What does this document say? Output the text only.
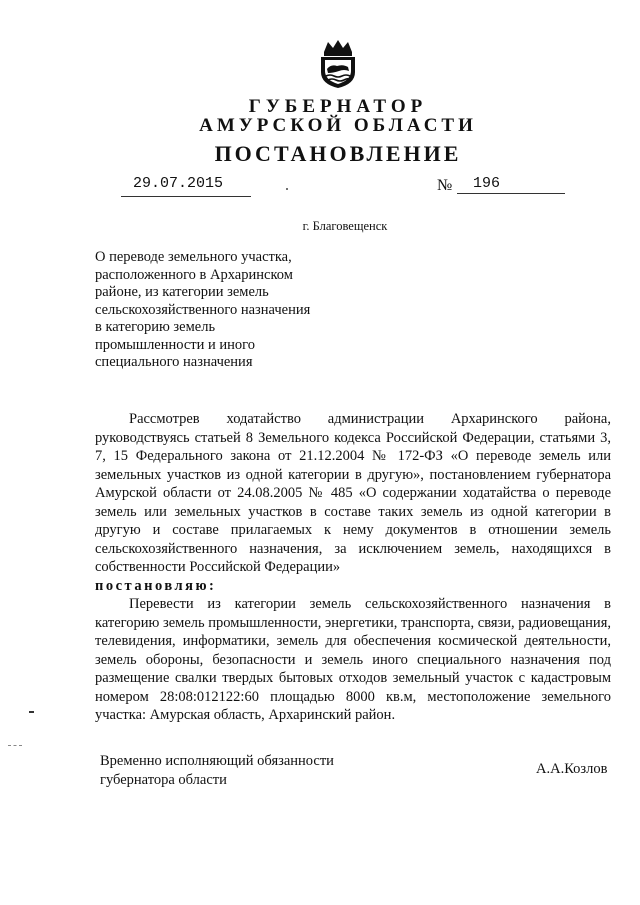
ГУБЕРНАТОР
АМУРСКОЙ ОБЛАСТИ
ПОСТАНОВЛЕНИЕ
29.07.2015	№ 196
г. Благовещенск
О переводе земельного участка, расположенного в Архаринском районе, из категории земель сельскохозяйственного назначения в категорию земель промышленности и иного специального назначения

Рассмотрев ходатайство администрации Архаринского района, руководствуясь статьей 8 Земельного кодекса Российской Федерации, статьями 3, 7, 15 Федерального закона от 21.12.2004 № 172-ФЗ «О переводе земель или земельных участков из одной категории в другую», постановлением губернатора Амурской области от 24.08.2005 № 485 «О содержании ходатайства о переводе земель или земельных участков в составе таких земель из одной категории в другую и составе прилагаемых к нему документов в отношении земель сельскохозяйственного назначения, за исключением земель, находящихся в собственности Российской Федерации»

постановляю:

Перевести из категории земель сельскохозяйственного назначения в категорию земель промышленности, энергетики, транспорта, связи, радиовещания, телевидения, информатики, земель для обеспечения космической деятельности, земель обороны, безопасности и земель иного специального назначения под размещение свалки твердых бытовых отходов земельный участок с кадастровым номером 28:08:012122:60 площадью 8000 кв.м, местоположение земельного участка: Амурская область, Архаринский район.

Временно исполняющий обязанности губернатора области
А.А.Козлов
